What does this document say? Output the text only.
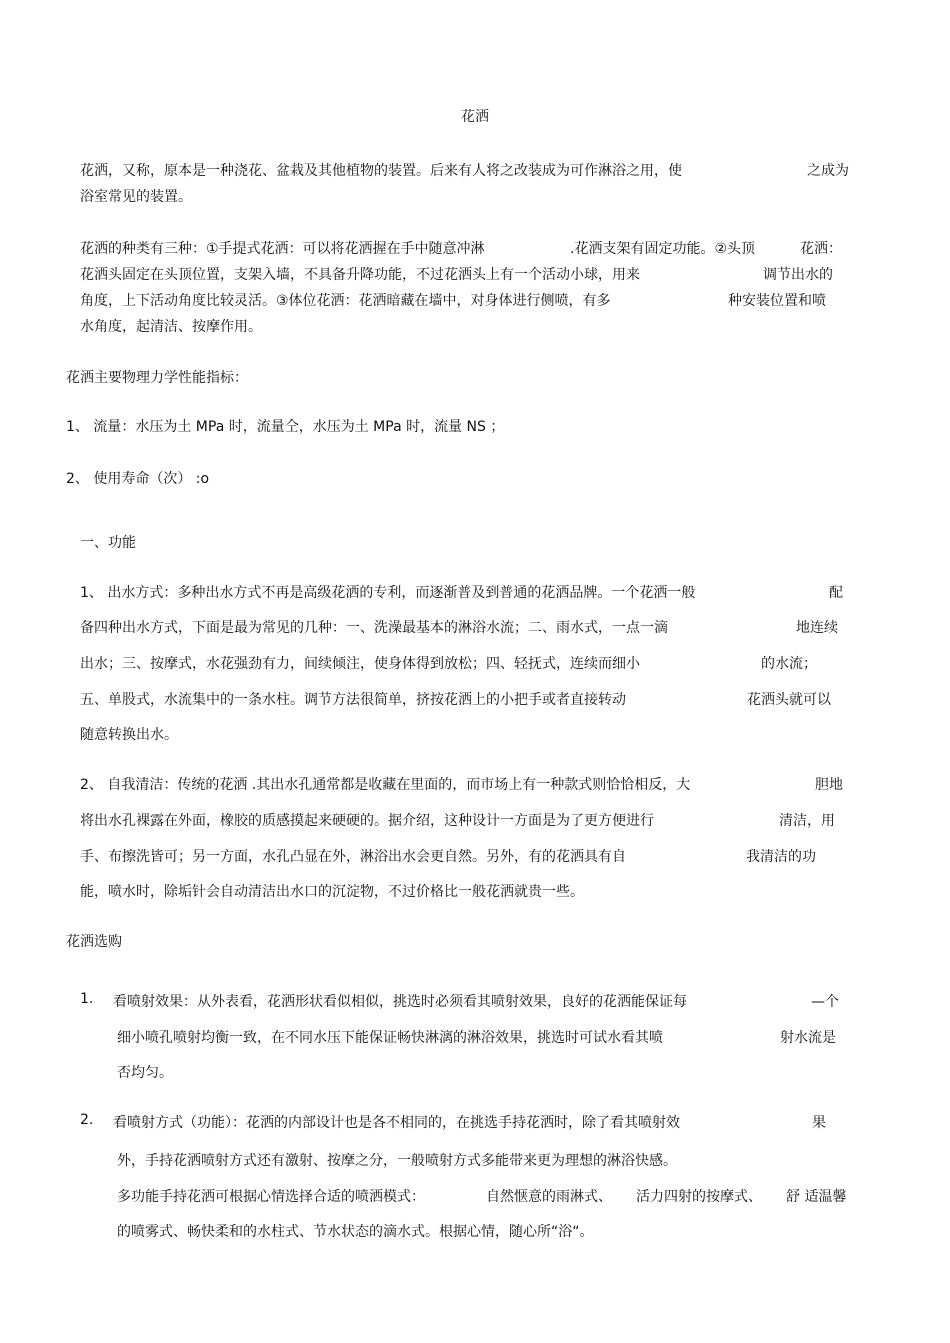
花洒
花洒，又称，原本是一种浇花、盆栽及其他植物的装置。后来有人将之改装成为可作淋浴之用，使	之成为
浴室常见的装置。
花洒的种类有三种：①手提式花洒：可以将花洒握在手中随意冲淋	.花洒支架有固定功能。②头顶	花洒：
花洒头固定在头顶位置，支架入墙，不具备升降功能，不过花洒头上有一个活动小球，用来	调节出水的
角度，上下活动角度比较灵活。③体位花洒：花洒暗藏在墙中，对身体进行侧喷，有多	种安装位置和喷
水角度，起清洁、按摩作用。
花洒主要物理力学性能指标：
1、 流量：水压为土 MPa 时，流量仝，水压为土 MPa 时，流量 NS ；
2、 使用寿命（次） :o
一、功能
1、 出水方式：多种出水方式不再是高级花洒的专利，而逐渐普及到普通的花洒品牌。一个花洒一般	配
备四种出水方式，下面是最为常见的几种：一、洗澡最基本的淋浴水流；二、雨水式，一点一滴	地连续
出水；三、按摩式，水花强劲有力，间续倾注，使身体得到放松；四、轻抚式，连续而细小	的水流；
五、单股式，水流集中的一条水柱。调节方法很简单，挤按花洒上的小把手或者直接转动	花洒头就可以
随意转换出水。
2、 自我清洁：传统的花洒 .其出水孔通常都是收藏在里面的，而市场上有一种款式则恰恰相反，大	胆地
将出水孔裸露在外面，橡胶的质感摸起来硬硬的。据介绍，这种设计一方面是为了更方便进行	清洁，用
手、布擦洗皆可；另一方面，水孔凸显在外，淋浴出水会更自然。另外，有的花洒具有自	我清洁的功
能，喷水时，除垢针会自动清洁出水口的沉淀物，不过价格比一般花洒就贵一些。
花洒选购
1. 看喷射效果：从外表看，花洒形状看似相似，挑选时必须看其喷射效果，良好的花洒能保证每	—个
细小喷孔喷射均衡一致，在不同水压下能保证畅快淋漓的淋浴效果，挑选时可试水看其喷	射水流是
否均匀。
2. 看喷射方式（功能）：花洒的内部设计也是各不相同的，在挑选手持花洒时，除了看其喷射效	果
外，手持花洒喷射方式还有激射、按摩之分，一般喷射方式多能带来更为理想的淋浴快感。
多功能手持花洒可根据心情选择合适的喷洒模式：	自然惬意的雨淋式、 活力四射的按摩式、 舒 适温馨
的喷雾式、畅快柔和的水柱式、节水状态的滴水式。根据心情，随心所“浴“。
